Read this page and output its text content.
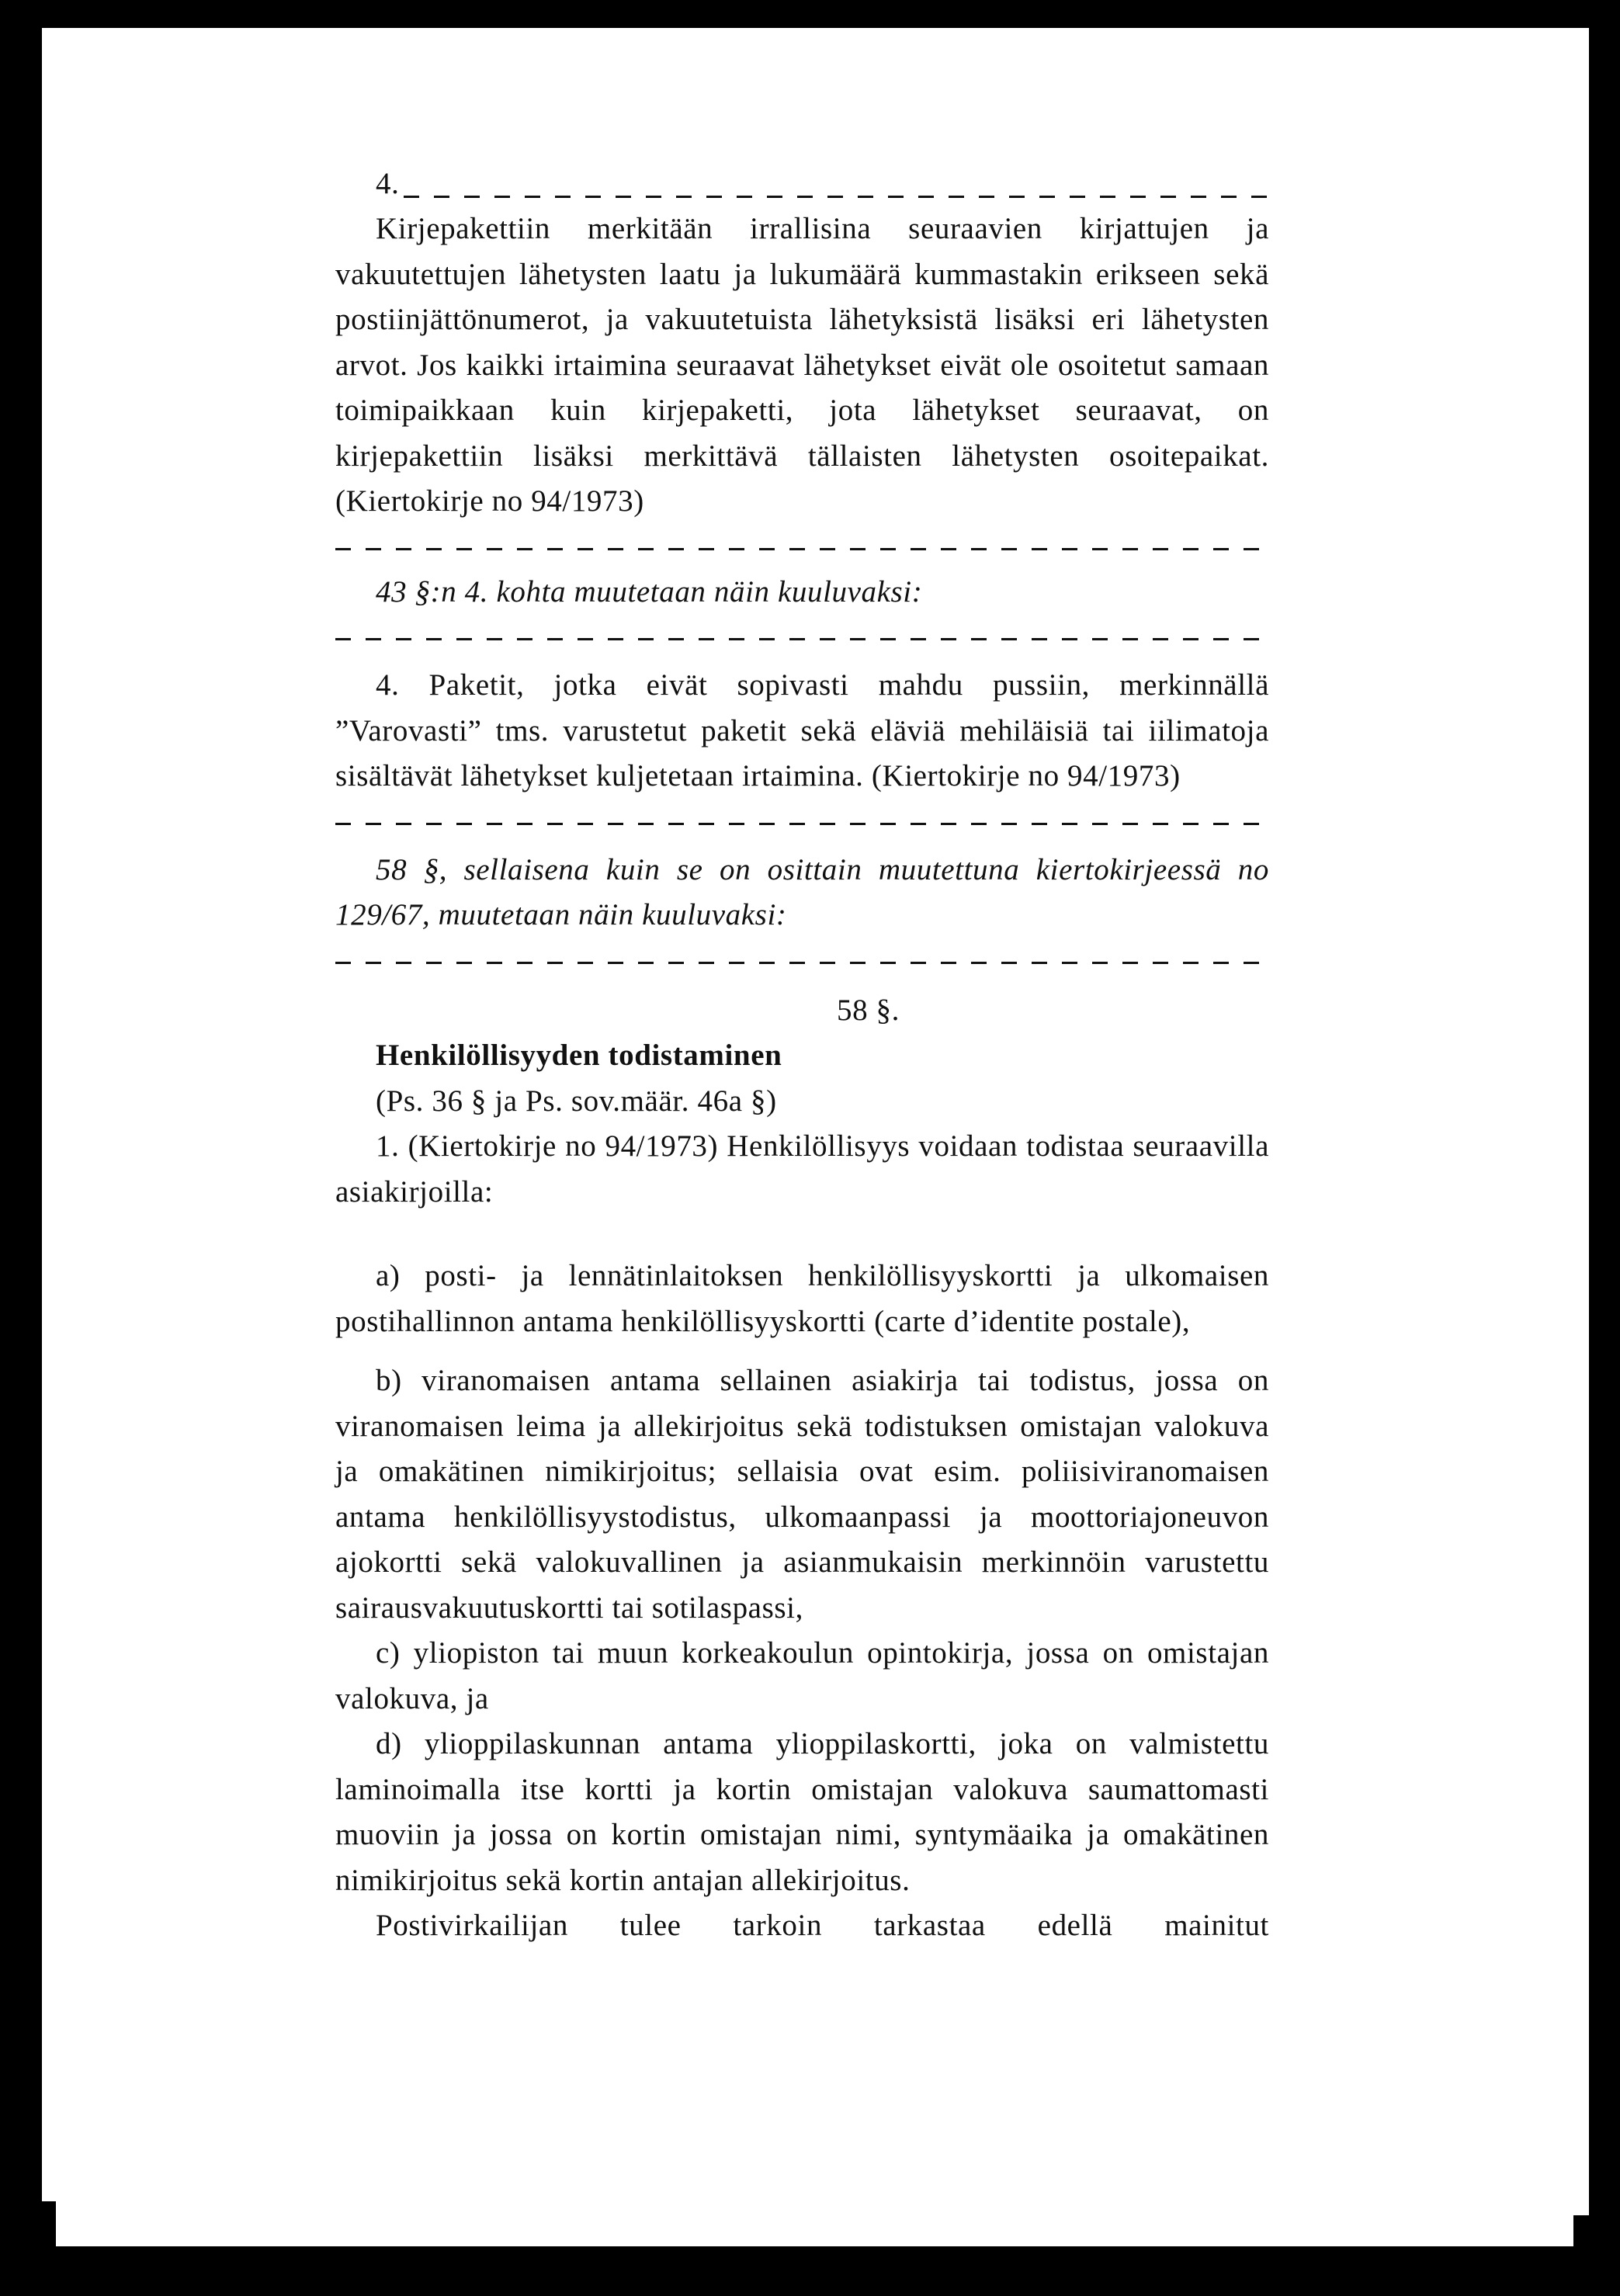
4.

Kirjepakettiin merkitään irrallisina seuraavien kirjattujen ja vakuutettujen lähetysten laatu ja lukumäärä kummastakin erikseen sekä postiinjättönumerot, ja vakuutetuista lähetyksistä lisäksi eri lähetysten arvot. Jos kaikki irtaimina seuraavat lähetykset eivät ole osoitetut samaan toimipaikkaan kuin kirjepaketti, jota lähetykset seuraavat, on kirjepakettiin lisäksi merkittävä tällaisten lähetysten osoitepaikat. (Kiertokirje no 94/1973)

43 §:n 4. kohta muutetaan näin kuuluvaksi:

4. Paketit, jotka eivät sopivasti mahdu pussiin, merkinnällä ”Varovasti” tms. varustetut paketit sekä eläviä mehiläisiä tai iilimatoja sisältävät lähetykset kuljetetaan irtaimina. (Kiertokirje no 94/1973)

58 §, sellaisena kuin se on osittain muutettuna kiertokirjeessä no 129/67, muutetaan näin kuuluvaksi:

58 §.
Henkilöllisyyden todistaminen
(Ps. 36 § ja Ps. sov.määr. 46a §)

1. (Kiertokirje no 94/1973) Henkilöllisyys voidaan todistaa seuraavilla asiakirjoilla:

a) posti- ja lennätinlaitoksen henkilöllisyyskortti ja ulkomaisen postihallinnon antama henkilöllisyyskortti (carte d’identite postale),

b) viranomaisen antama sellainen asiakirja tai todistus, jossa on viranomaisen leima ja allekirjoitus sekä todistuksen omistajan valokuva ja omakätinen nimikirjoitus; sellaisia ovat esim. poliisiviranomaisen antama henkilöllisyystodistus, ulkomaanpassi ja moottoriajoneuvon ajokortti sekä valokuvallinen ja asianmukaisin merkinnöin varustettu sairausvakuutuskortti tai sotilaspassi,

c) yliopiston tai muun korkeakoulun opintokirja, jossa on omistajan valokuva, ja

d) ylioppilaskunnan antama ylioppilaskortti, joka on valmistettu laminoimalla itse kortti ja kortin omistajan valokuva saumattomasti muoviin ja jossa on kortin omistajan nimi, syntymäaika ja omakätinen nimikirjoitus sekä kortin antajan allekirjoitus.

Postivirkailijan tulee tarkoin tarkastaa edellä mainitut
